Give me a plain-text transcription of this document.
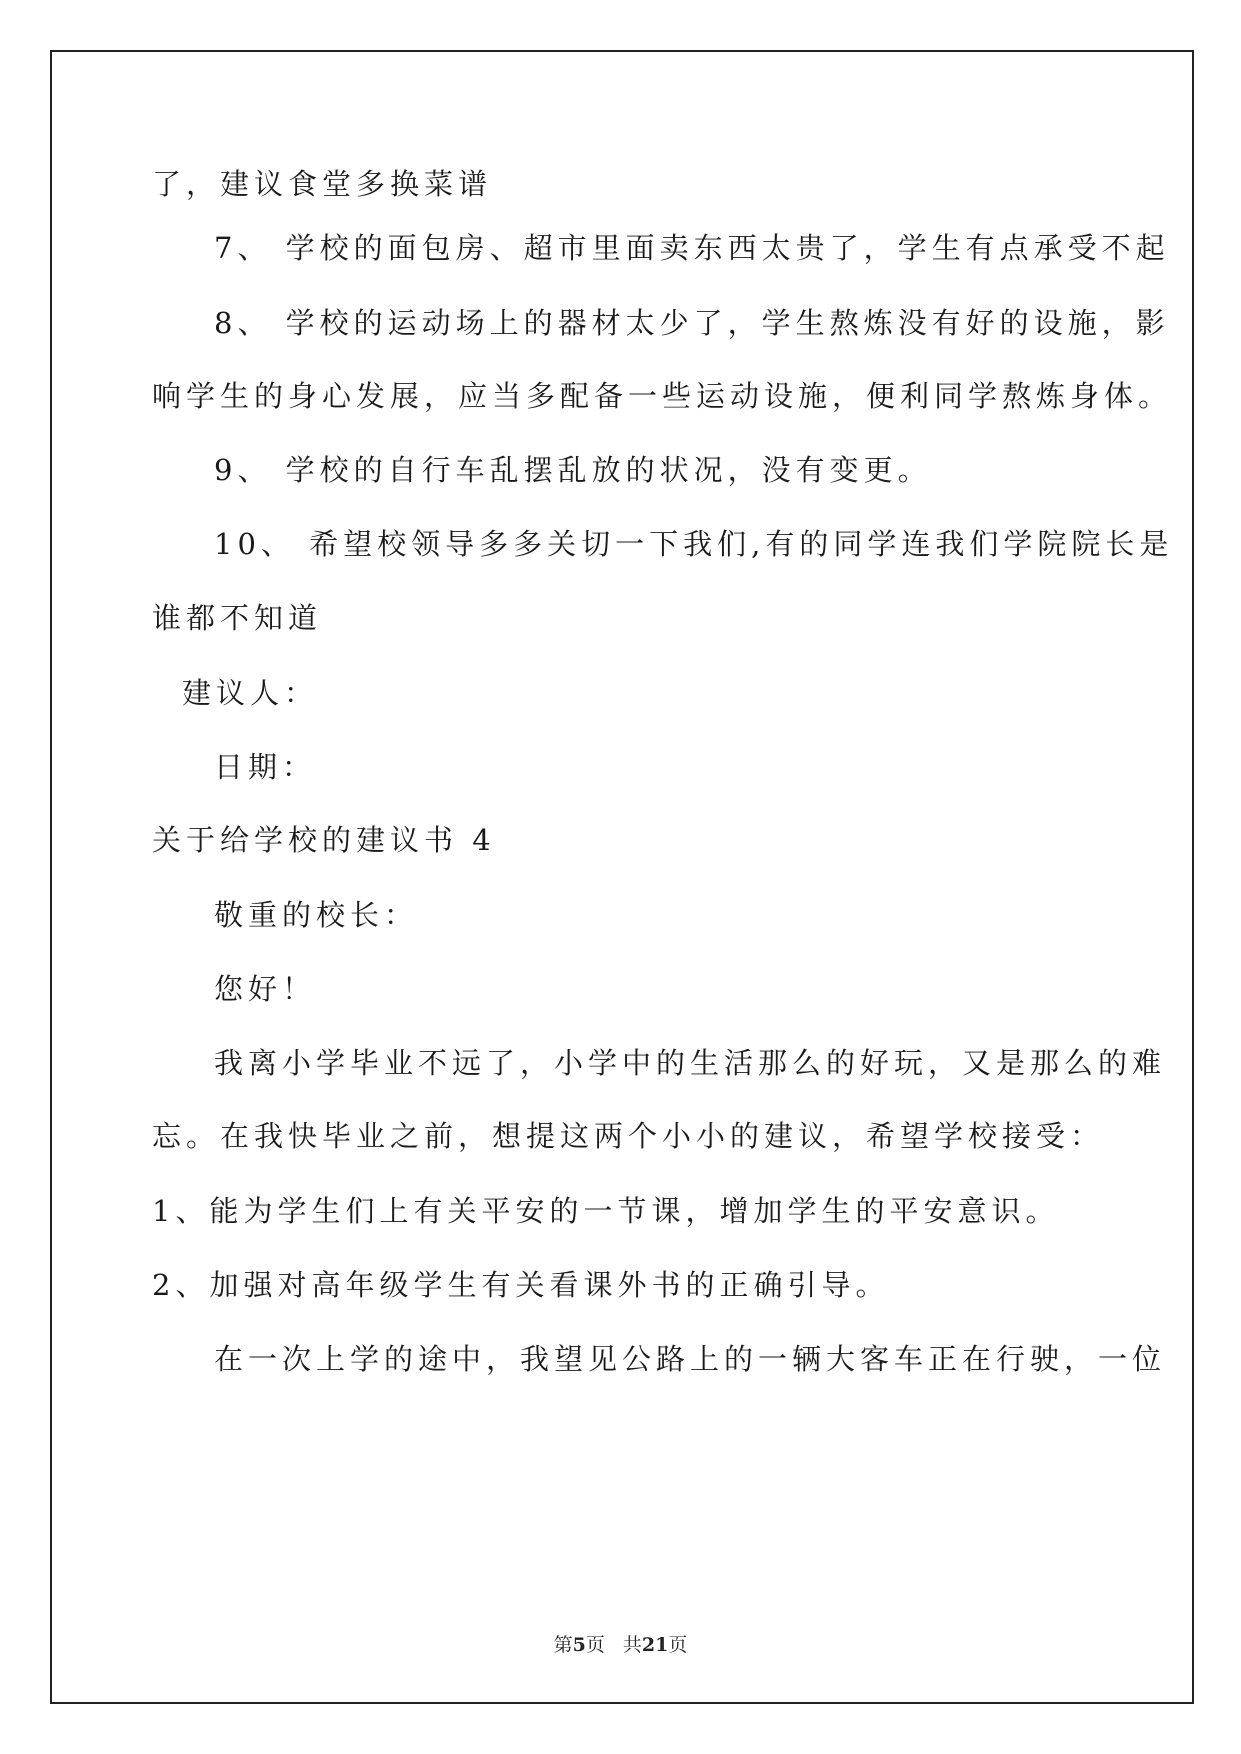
了，建议食堂多换菜谱
7、 学校的面包房、超市里面卖东西太贵了，学生有点承受不起
8、 学校的运动场上的器材太少了，学生熬炼没有好的设施，影
响学生的身心发展，应当多配备一些运动设施，便利同学熬炼身体。
9、 学校的自行车乱摆乱放的状况，没有变更。
10、 希望校领导多多关切一下我们,有的同学连我们学院院长是
谁都不知道
建议人：
日期：
关于给学校的建议书 4
敬重的校长：
您好！
我离小学毕业不远了，小学中的生活那么的好玩，又是那么的难
忘。在我快毕业之前，想提这两个小小的建议，希望学校接受：
1、能为学生们上有关平安的一节课，增加学生的平安意识。
2、加强对高年级学生有关看课外书的正确引导。
在一次上学的途中，我望见公路上的一辆大客车正在行驶，一位
第5页 共21页
